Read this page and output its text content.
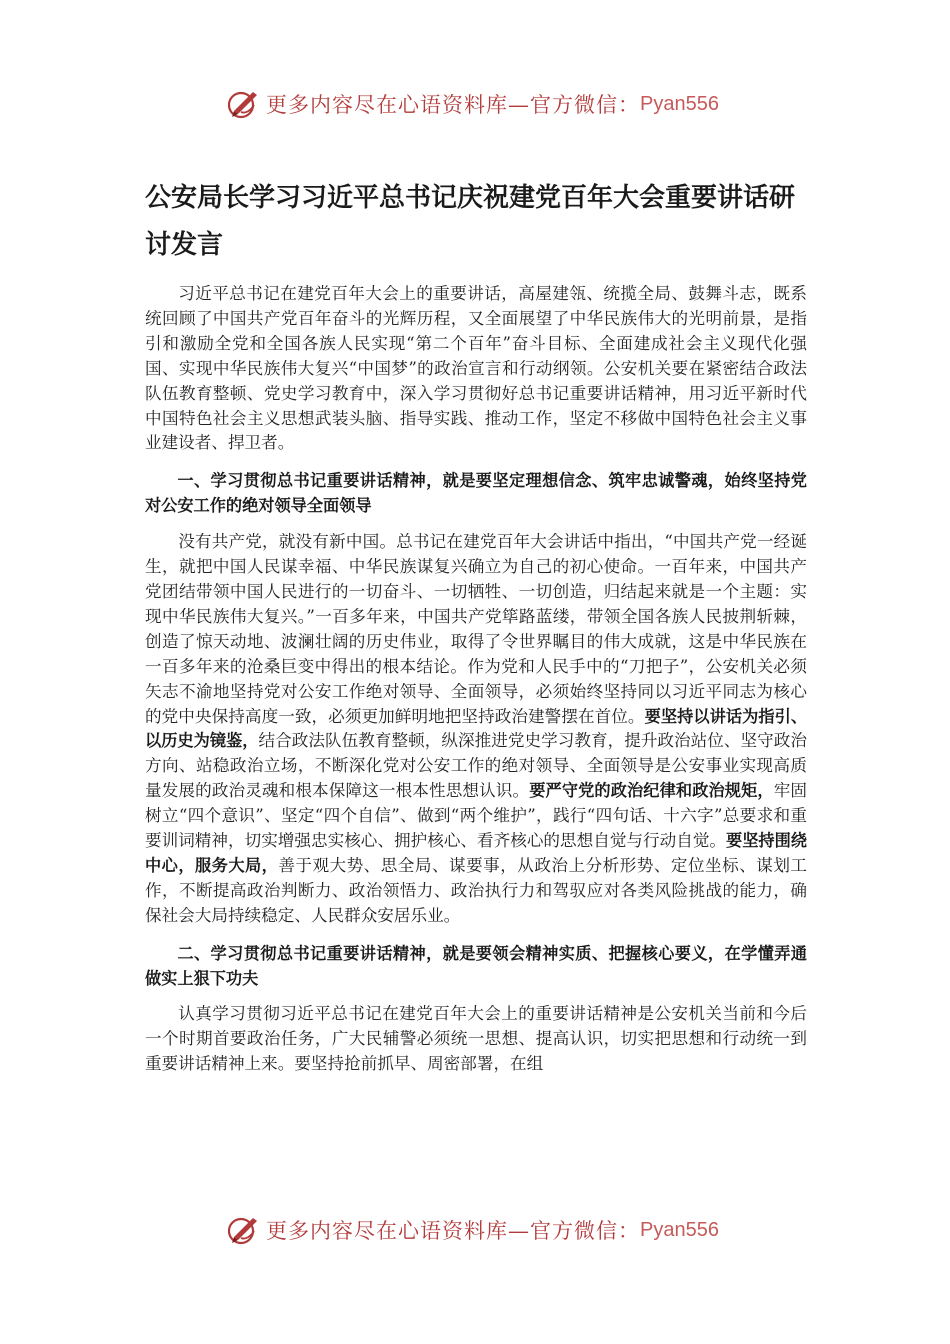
更多内容尽在心语资料库—官方微信： Pyan556
公安局长学习习近平总书记庆祝建党百年大会重要讲话研讨发言

习近平总书记在建党百年大会上的重要讲话，高屋建瓴、统揽全局、鼓舞斗志，既系统回顾了中国共产党百年奋斗的光辉历程，又全面展望了中华民族伟大的光明前景，是指引和激励全党和全国各族人民实现“第二个百年”奋斗目标、全面建成社会主义现代化强国、实现中华民族伟大复兴“中国梦”的政治宣言和行动纲领。公安机关要在紧密结合政法队伍教育整顿、党史学习教育中，深入学习贯彻好总书记重要讲话精神，用习近平新时代中国特色社会主义思想武装头脑、指导实践、推动工作，坚定不移做中国特色社会主义事业建设者、捍卫者。

一、学习贯彻总书记重要讲话精神，就是要坚定理想信念、筑牢忠诚警魂，始终坚持党对公安工作的绝对领导全面领导

没有共产党，就没有新中国。总书记在建党百年大会讲话中指出，“中国共产党一经诞生，就把中国人民谋幸福、中华民族谋复兴确立为自己的初心使命。一百年来，中国共产党团结带领中国人民进行的一切奋斗、一切牺牲、一切创造，归结起来就是一个主题：实现中华民族伟大复兴。”一百多年来，中国共产党筚路蓝缕，带领全国各族人民披荆斩棘，创造了惊天动地、波澜壮阔的历史伟业，取得了令世界瞩目的伟大成就，这是中华民族在一百多年来的沧桑巨变中得出的根本结论。作为党和人民手中的“刀把子”，公安机关必须矢志不渝地坚持党对公安工作绝对领导、全面领导，必须始终坚持同以习近平同志为核心的党中央保持高度一致，必须更加鲜明地把坚持政治建警摆在首位。要坚持以讲话为指引、以历史为镜鉴，结合政法队伍教育整顿，纵深推进党史学习教育，提升政治站位、坚守政治方向、站稳政治立场，不断深化党对公安工作的绝对领导、全面领导是公安事业实现高质量发展的政治灵魂和根本保障这一根本性思想认识。要严守党的政治纪律和政治规矩，牢固树立“四个意识”、坚定“四个自信”、做到“两个维护”，践行“四句话、十六字”总要求和重要训词精神，切实增强忠实核心、拥护核心、看齐核心的思想自觉与行动自觉。要坚持围绕中心，服务大局，善于观大势、思全局、谋要事，从政治上分析形势、定位坐标、谋划工作，不断提高政治判断力、政治领悟力、政治执行力和驾驭应对各类风险挑战的能力，确保社会大局持续稳定、人民群众安居乐业。

二、学习贯彻总书记重要讲话精神，就是要领会精神实质、把握核心要义，在学懂弄通做实上狠下功夫

认真学习贯彻习近平总书记在建党百年大会上的重要讲话精神是公安机关当前和今后一个时期首要政治任务，广大民辅警必须统一思想、提高认识，切实把思想和行动统一到重要讲话精神上来。要坚持抢前抓早、周密部署，在组

更多内容尽在心语资料库—官方微信： Pyan556
